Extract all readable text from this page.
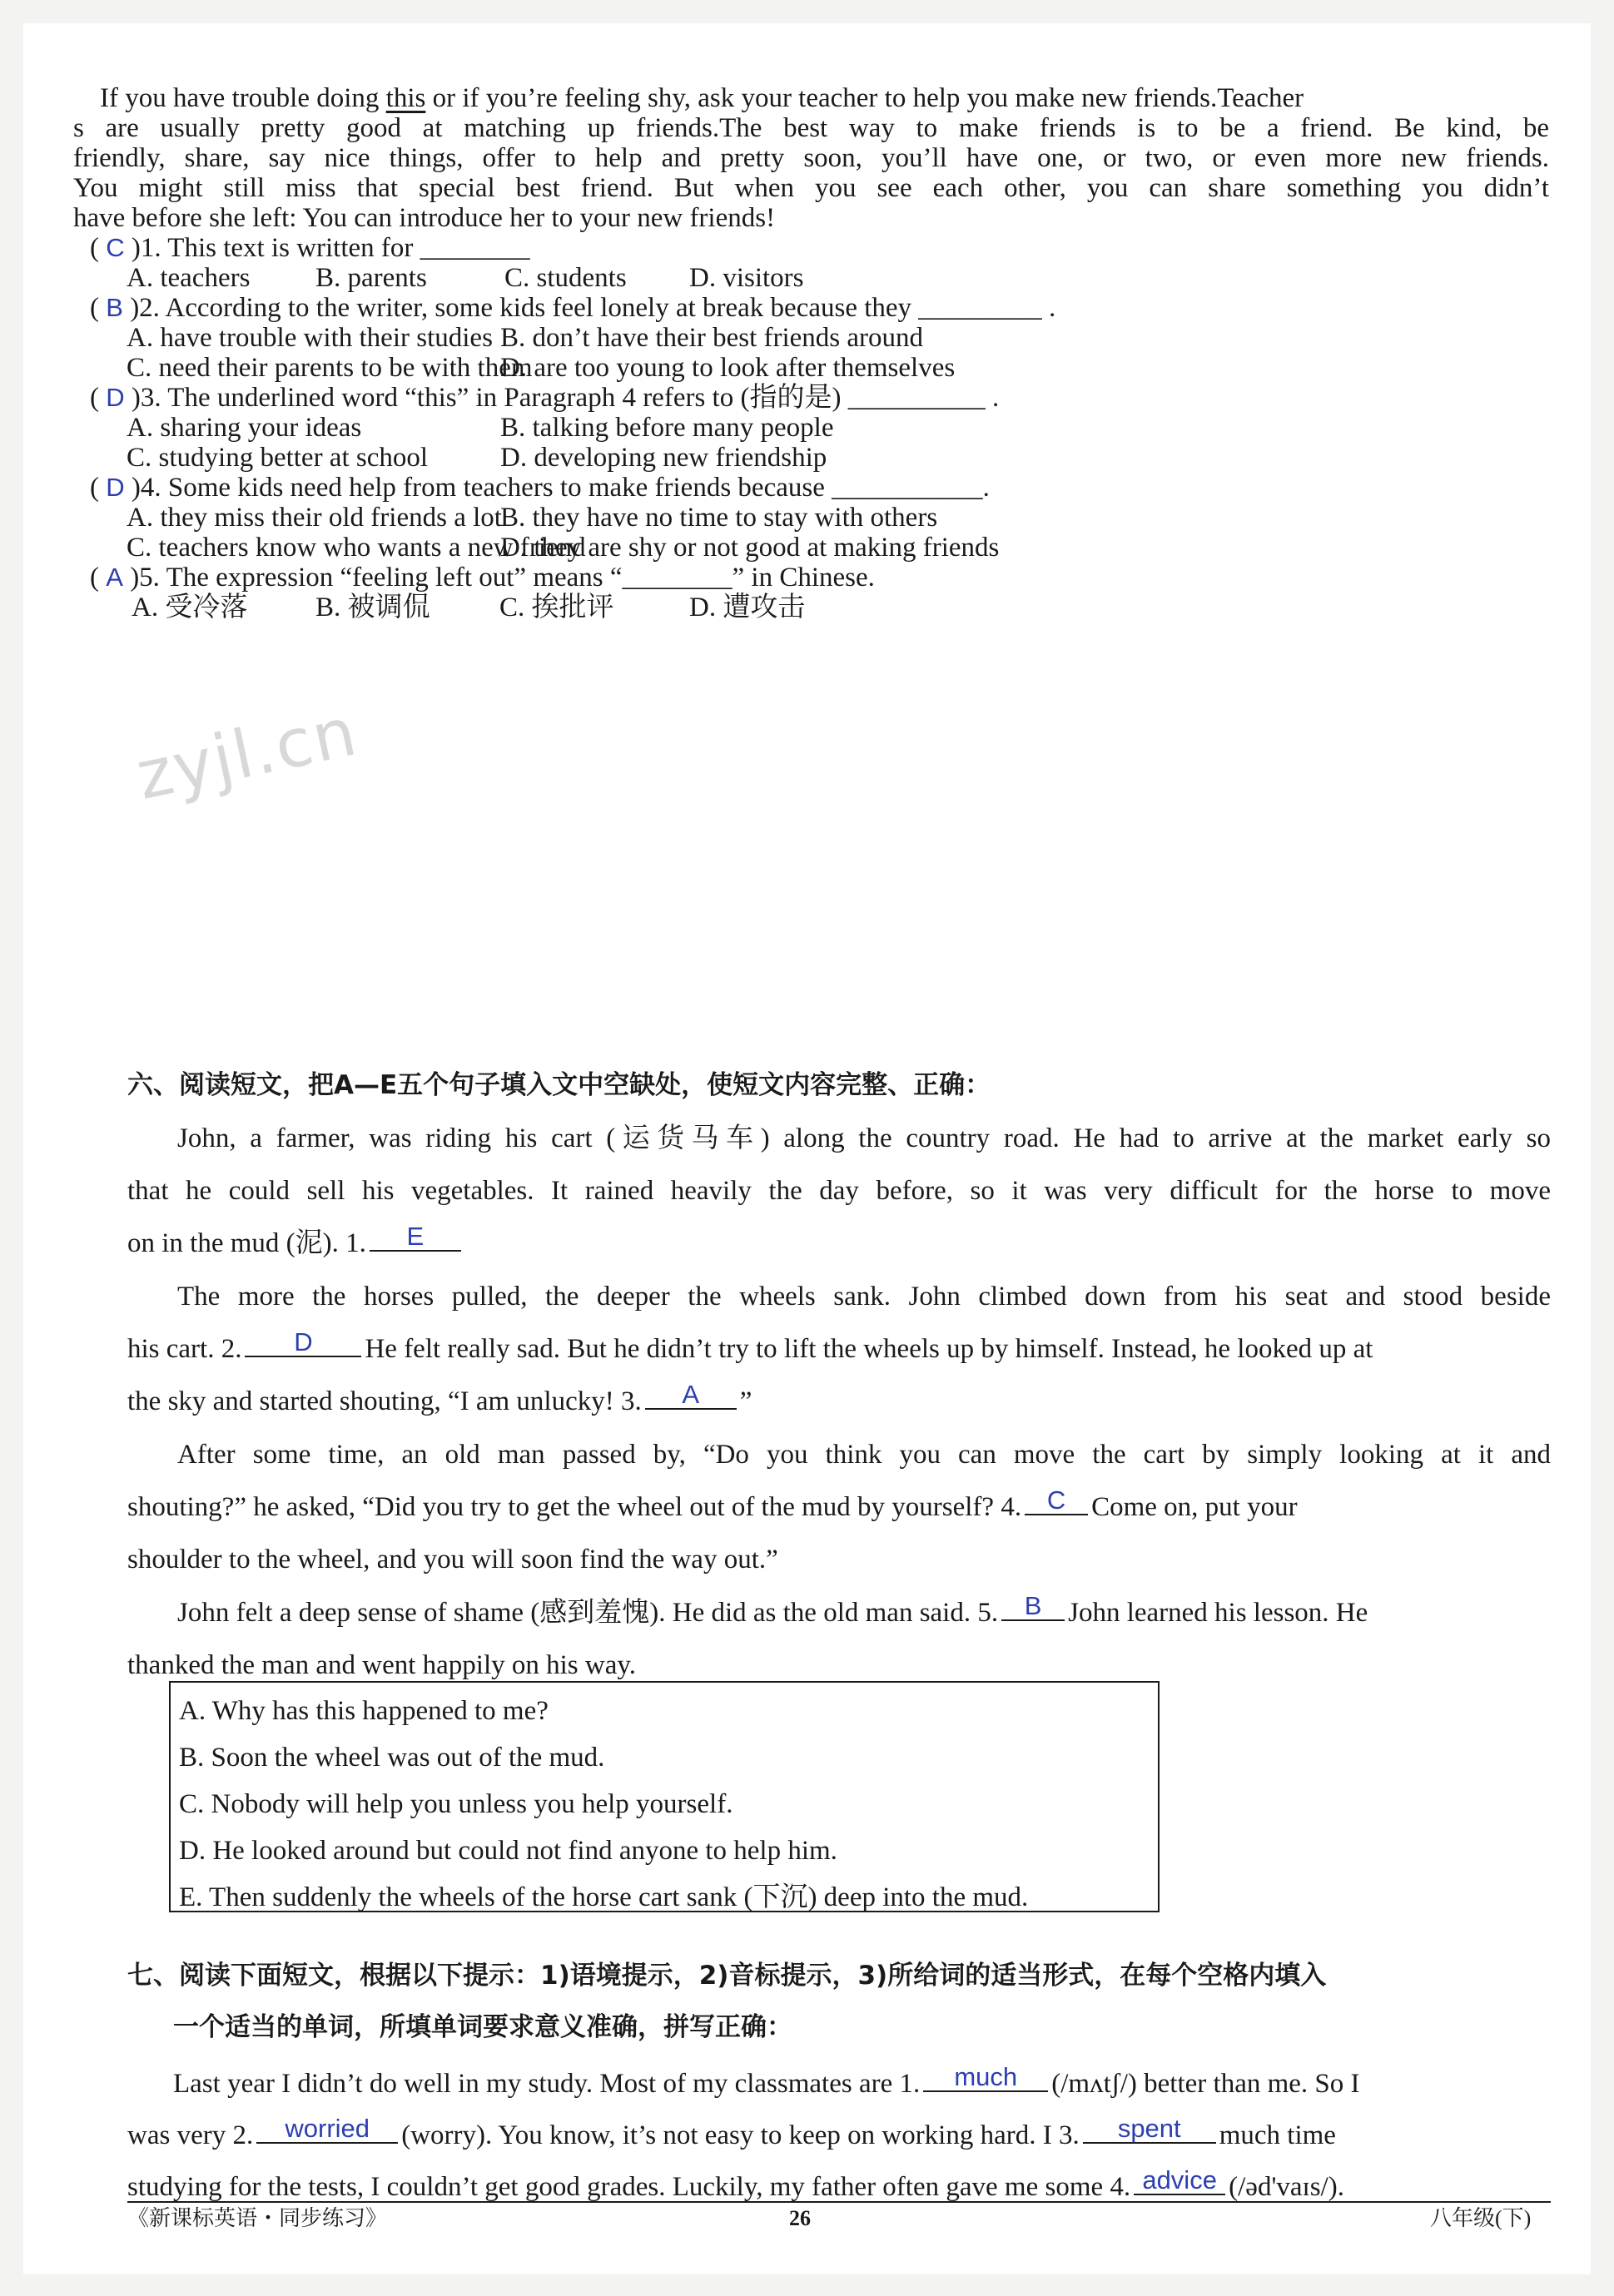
zyjl.cn
If you have trouble doing this or if you’re feeling shy, ask your teacher to help you make new friends.Teacher
s are usually pretty good at matching up friends.The best way to make friends is to be a friend. Be kind, be
friendly, share, say nice things, offer to help and pretty soon, you’ll have one, or two, or even more new friends.
You might still miss that special best friend. But when you see each other, you can share something you didn’t
have before she left: You can introduce her to your new friends!
( C )1. This text is written for ________
A. teachers B. parents	C. students D. visitors
( B )2. According to the writer, some kids feel lonely at break because they _________ .
A. have trouble with their studies B. don’t have their best friends around
C. need their parents to be with them
D. are too young to look after themselves
( D )3. The underlined word “this” in Paragraph 4 refers to (指的是) __________ .
A. sharing your ideas	B. talking before many people
C. studying better at school	D. developing new friendship
( D )4. Some kids need help from teachers to make friends because ___________.
A. they miss their old friends a lot
B. they have no time to stay with others
C. teachers know who wants a new friend
D. they are shy or not good at making friends
( A )5. The expression “feeling left out” means “________” in Chinese.
A. 受冷落 B. 被调侃	C. 挨批评	D. 遭攻击
六、阅读短文，把A—E五个句子填入文中空缺处，使短文内容完整、正确：
John, a farmer, was riding his cart (运货马车) along the country road. He had to arrive at the market early so
that he could sell his vegetables. It rained heavily the day before, so it was very difficult for the horse to move
on in the mud (泥). 1. E
The more the horses pulled, the deeper the wheels sank. John climbed down from his seat and stood beside
his cart. 2. D He felt really sad. But he didn’t try to lift the wheels up by himself. Instead, he looked up at
the sky and started shouting, “I am unlucky! 3. A ”
After some time, an old man passed by, “Do you think you can move the cart by simply looking at it and
shouting?” he asked, “Did you try to get the wheel out of the mud by yourself? 4. C Come on, put your
shoulder to the wheel, and you will soon find the way out.”
John felt a deep sense of shame (感到羞愧). He did as the old man said. 5. B John learned his lesson. He
thanked the man and went happily on his way.
A. Why has this happened to me?
B. Soon the wheel was out of the mud.
C. Nobody will help you unless you help yourself.
D. He looked around but could not find anyone to help him.
E. Then suddenly the wheels of the horse cart sank (下沉) deep into the mud.
七、阅读下面短文，根据以下提示：1)语境提示，2)音标提示，3)所给词的适当形式，在每个空格内填入
一个适当的单词，所填单词要求意义准确，拼写正确：
Last year I didn’t do well in my study. Most of my classmates are 1. much (/mʌtʃ/) better than me. So I
was very 2. worried (worry). You know, it’s not easy to keep on working hard. I 3. spent much time
studying for the tests, I couldn’t get good grades. Luckily, my father often gave me some 4. advice (/əd'vaɪs/).
《新课标英语・同步练习》	26	八年级(下)
